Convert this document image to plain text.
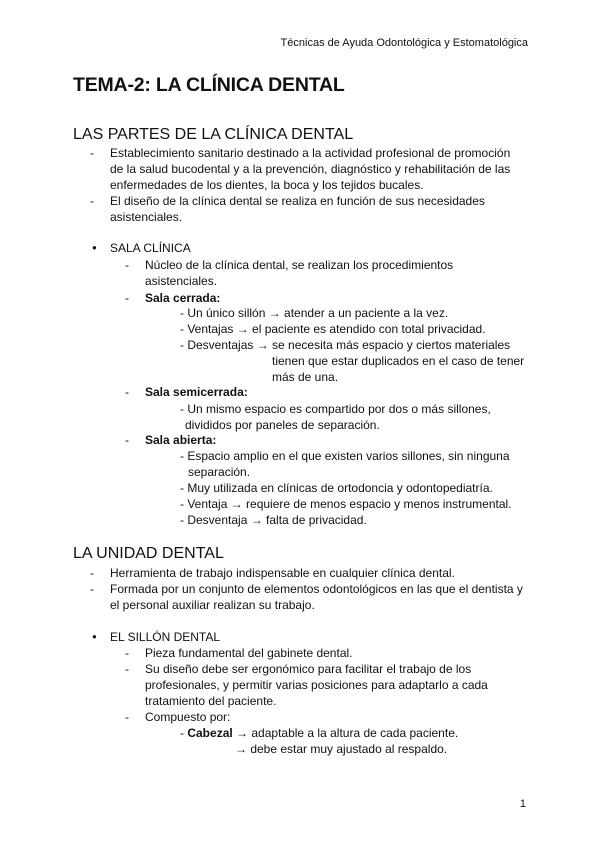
Técnicas de Ayuda Odontológica y Estomatológica
TEMA-2: LA CLÍNICA DENTAL
LAS PARTES DE LA CLÍNICA DENTAL
- Establecimiento sanitario destinado a la actividad profesional de promoción
de la salud bucodental y a la prevención, diagnóstico y rehabilitación de las
enfermedades de los dientes, la boca y los tejidos bucales.
- El diseño de la clínica dental se realiza en función de sus necesidades
asistenciales.
● SALA CLÍNICA
- Núcleo de la clínica dental, se realizan los procedimientos
asistenciales.
- Sala cerrada:
- Un único sillón → atender a un paciente a la vez.
- Ventajas → el paciente es atendido con total privacidad.
- Desventajas → se necesita más espacio y ciertos materiales
tienen que estar duplicados en el caso de tener
más de una.
- Sala semicerrada:
- Un mismo espacio es compartido por dos o más sillones,
divididos por paneles de separación.
- Sala abierta:
- Espacio amplio en el que existen varios sillones, sin ninguna
separación.
- Muy utilizada en clínicas de ortodoncia y odontopediatría.
- Ventaja → requiere de menos espacio y menos instrumental.
- Desventaja → falta de privacidad.
LA UNIDAD DENTAL
- Herramienta de trabajo indispensable en cualquier clínica dental.
- Formada por un conjunto de elementos odontológicos en las que el dentista y
el personal auxiliar realizan su trabajo.
● EL SILLÓN DENTAL
- Pieza fundamental del gabinete dental.
- Su diseño debe ser ergonómico para facilitar el trabajo de los
profesionales, y permitir varias posiciones para adaptarlo a cada
tratamiento del paciente.
- Compuesto por:
- Cabezal → adaptable a la altura de cada paciente.
→ debe estar muy ajustado al respaldo.
1
